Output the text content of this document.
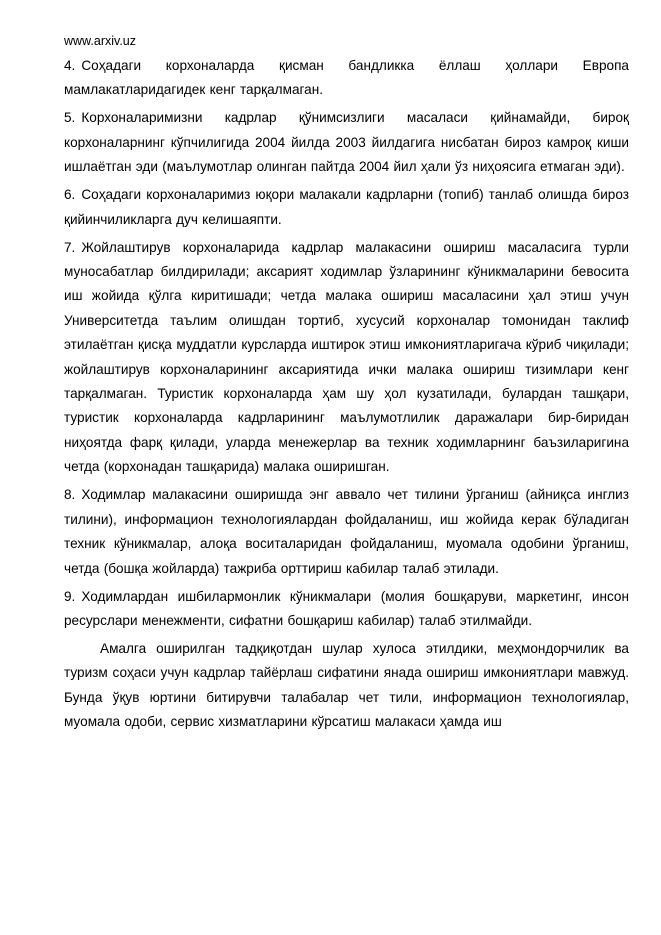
www.arxiv.uz

4. Соҳадаги корхоналарда қисман бандликка ёллаш ҳоллари Европа мамлакатларидагидек кенг тарқалмаган.

5. Корхоналаримизни кадрлар қўнимсизлиги масаласи қийнамайди, бироқ корхоналарнинг кўпчилигида 2004 йилда 2003 йилдагига нисбатан бироз камроқ киши ишлаётган эди (маълумотлар олинган пайтда 2004 йил ҳали ўз ниҳоясига етмаган эди).

6. Соҳадаги корхоналаримиз юқори малакали кадрларни (топиб) танлаб олишда бироз қийинчиликларга дуч келишаяпти.

7. Жойлаштирув корхоналарида кадрлар малакасини ошириш масаласига турли муносабатлар билдирилади; аксарият ходимлар ўзларининг кўникмаларини бевосита иш жойида қўлга киритишади; четда малака ошириш масаласини ҳал этиш учун Университетда таълим олишдан тортиб, хусусий корхоналар томонидан таклиф этилаётган қисқа муддатли курсларда иштирок этиш имкониятларигача кўриб чиқилади; жойлаштирув корхоналарининг аксариятида ички малака ошириш тизимлари кенг тарқалмаган. Туристик корхоналарда ҳам шу ҳол кузатилади, булардан ташқари, туристик корхоналарда кадрларининг маълумотлилик даражалари бир-биридан ниҳоятда фарқ қилади, уларда менежерлар ва техник ходимларнинг баъзиларигина четда (корхонадан ташқарида) малака оширишган.

8. Ходимлар малакасини оширишда энг аввало чет тилини ўрганиш (айниқса инглиз тилини), информацион технологиялардан фойдаланиш, иш жойида керак бўладиган техник кўникмалар, алоқа воситаларидан фойдаланиш, муомала одобини ўрганиш, четда (бошқа жойларда) тажриба орттириш кабилар талаб этилади.

9. Ходимлардан ишбилармонлик кўникмалари (молия бошқаруви, маркетинг, инсон ресурслари менежменти, сифатни бошқариш кабилар) талаб этилмайди.

Амалга оширилган тадқиқотдан шулар хулоса этилдики, меҳмондорчилик ва туризм соҳаси учун кадрлар тайёрлаш сифатини янада ошириш имкониятлари мавжуд. Бунда ўқув юртини битирувчи талабалар чет тили, информацион технологиялар, муомала одоби, сервис хизматларини кўрсатиш малакаси ҳамда иш
